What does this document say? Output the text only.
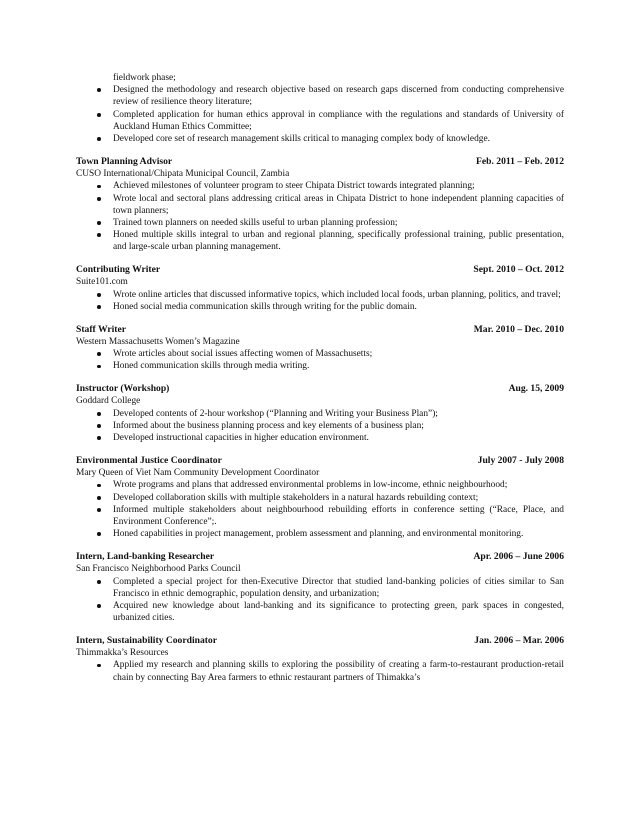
fieldwork phase;
Designed the methodology and research objective based on research gaps discerned from conducting comprehensive review of resilience theory literature;
Completed application for human ethics approval in compliance with the regulations and standards of University of Auckland Human Ethics Committee;
Developed core set of research management skills critical to managing complex body of knowledge.
Town Planning Advisor	Feb. 2011 – Feb. 2012
CUSO International/Chipata Municipal Council, Zambia
Achieved milestones of volunteer program to steer Chipata District towards integrated planning;
Wrote local and sectoral plans addressing critical areas in Chipata District to hone independent planning capacities of town planners;
Trained town planners on needed skills useful to urban planning profession;
Honed multiple skills integral to urban and regional planning, specifically professional training, public presentation, and large-scale urban planning management.
Contributing Writer	Sept. 2010 – Oct. 2012
Suite101.com
Wrote online articles that discussed informative topics, which included local foods, urban planning, politics, and travel;
Honed social media communication skills through writing for the public domain.
Staff Writer	Mar. 2010 – Dec. 2010
Western Massachusetts Women’s Magazine
Wrote articles about social issues affecting women of Massachusetts;
Honed communication skills through media writing.
Instructor (Workshop)	Aug. 15, 2009
Goddard College
Developed contents of 2-hour workshop (“Planning and Writing your Business Plan”);
Informed about the business planning process and key elements of a business plan;
Developed instructional capacities in higher education environment.
Environmental Justice Coordinator	July 2007 - July 2008
Mary Queen of Viet Nam Community Development Coordinator
Wrote programs and plans that addressed environmental problems in low-income, ethnic neighbourhood;
Developed collaboration skills with multiple stakeholders in a natural hazards rebuilding context;
Informed multiple stakeholders about neighbourhood rebuilding efforts in conference setting (“Race, Place, and Environment Conference”;.
Honed capabilities in project management, problem assessment and planning, and environmental monitoring.
Intern, Land-banking Researcher	Apr. 2006 – June 2006
San Francisco Neighborhood Parks Council
Completed a special project for then-Executive Director that studied land-banking policies of cities similar to San Francisco in ethnic demographic, population density, and urbanization;
Acquired new knowledge about land-banking and its significance to protecting green, park spaces in congested, urbanized cities.
Intern, Sustainability Coordinator	Jan. 2006 – Mar. 2006
Thimmakka’s Resources
Applied my research and planning skills to exploring the possibility of creating a farm-to-restaurant production-retail chain by connecting Bay Area farmers to ethnic restaurant partners of Thimakka’s
